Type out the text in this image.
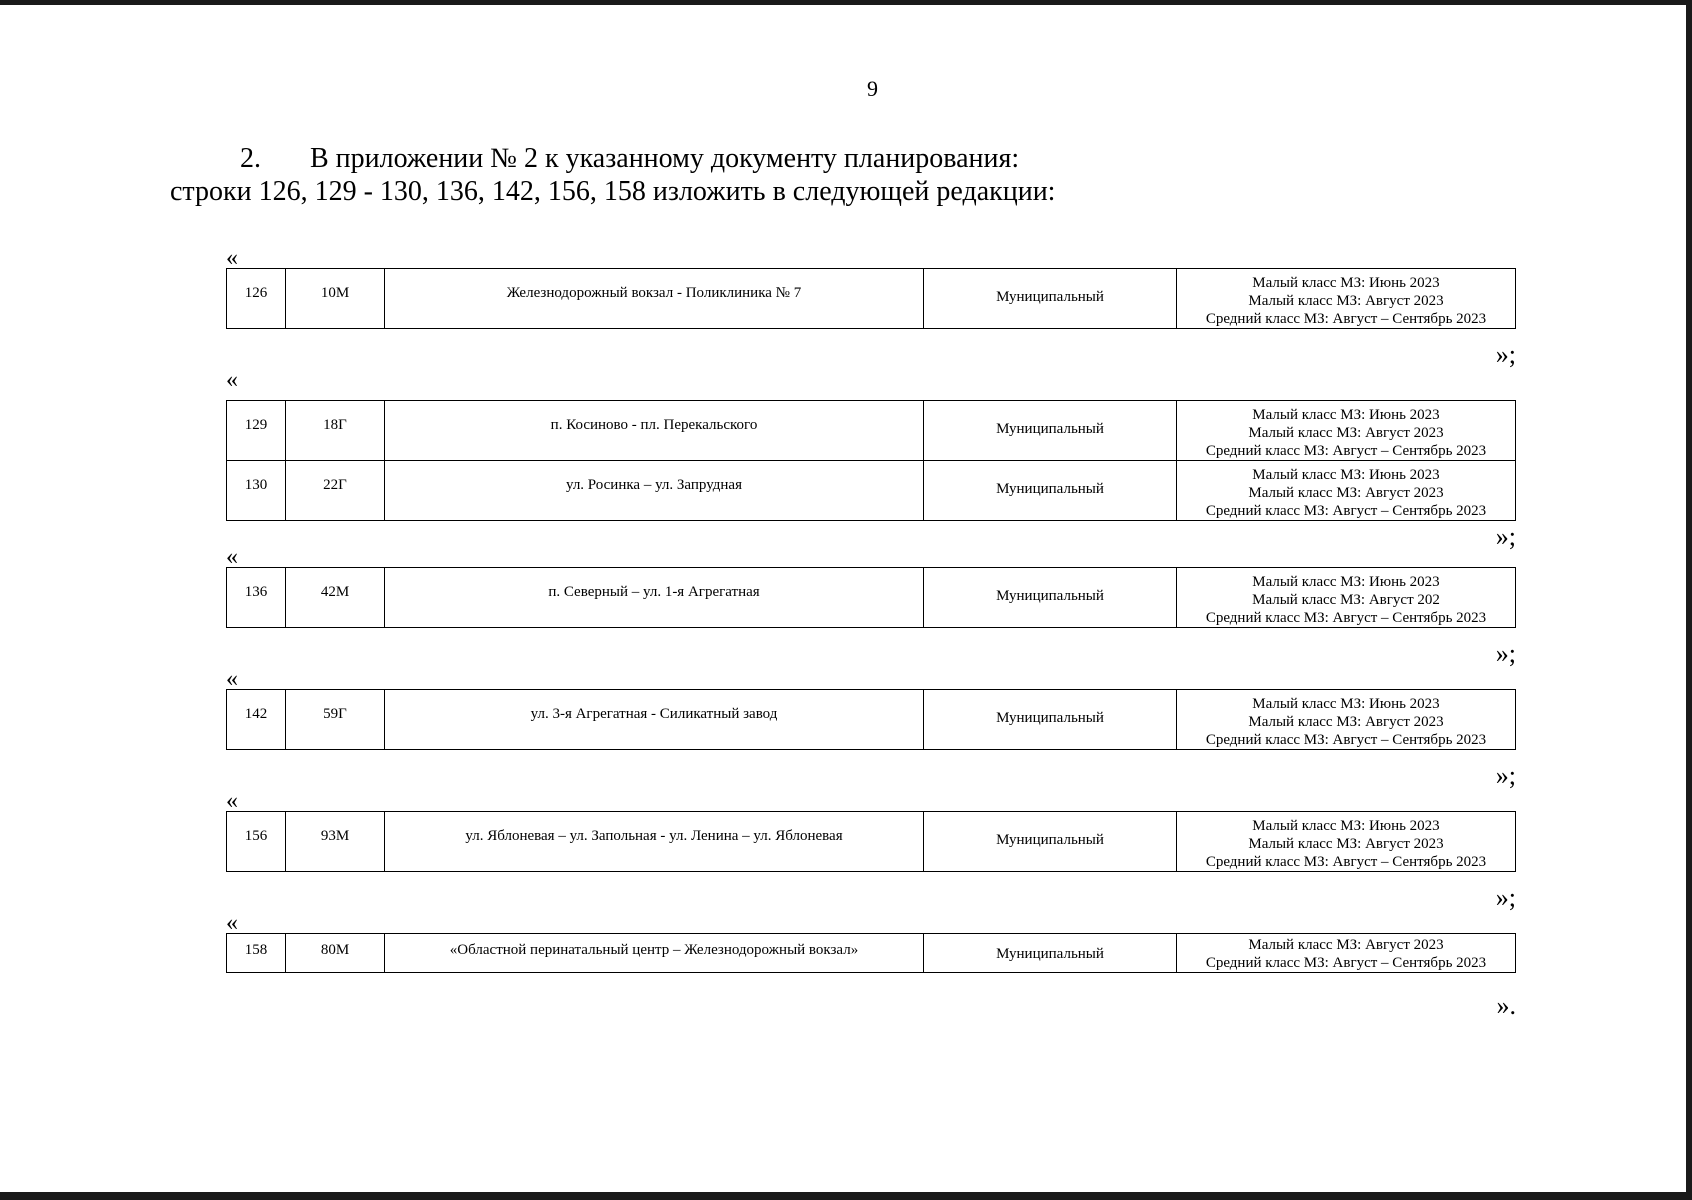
9
2. В приложении № 2 к указанному документу планирования:
строки 126, 129 - 130, 136, 142, 156, 158 изложить в следующей редакции:
«
126	10М	Железнодорожный вокзал - Поликлиника № 7	Муниципальный

Малый класс МЗ: Июнь 2023
Малый класс МЗ: Август 2023
Средний класс МЗ: Август – Сентябрь 2023
»;
«
129	18Г	п. Косиново - пл. Перекальского	Муниципальный	Малый класс МЗ: Июнь 2023
Малый класс МЗ: Август 2023
Средний класс МЗ: Август – Сентябрь 2023

130	22Г	ул. Росинка – ул. Запрудная	Муниципальный	Малый класс МЗ: Июнь 2023
Малый класс МЗ: Август 2023
Средний класс МЗ: Август – Сентябрь 2023
»;
«
136	42М	п. Северный – ул. 1-я Агрегатная	Муниципальный

Малый класс МЗ: Июнь 2023
Малый класс МЗ: Август 202
Средний класс МЗ: Август – Сентябрь 2023
»;
«
142	59Г	ул. 3-я Агрегатная - Силикатный завод	Муниципальный

Малый класс МЗ: Июнь 2023
Малый класс МЗ: Август 2023
Средний класс МЗ: Август – Сентябрь 2023
»;
«
156	93М	ул. Яблоневая – ул. Запольная - ул. Ленина – ул. Яблоневая	Муниципальный

Малый класс МЗ: Июнь 2023
Малый класс МЗ: Август 2023
Средний класс МЗ: Август – Сентябрь 2023
»;
«
158	80М	«Областной перинатальный центр – Железнодорожный вокзал»	Муниципальный

Малый класс МЗ: Август 2023
Средний класс МЗ: Август – Сентябрь 2023
».
